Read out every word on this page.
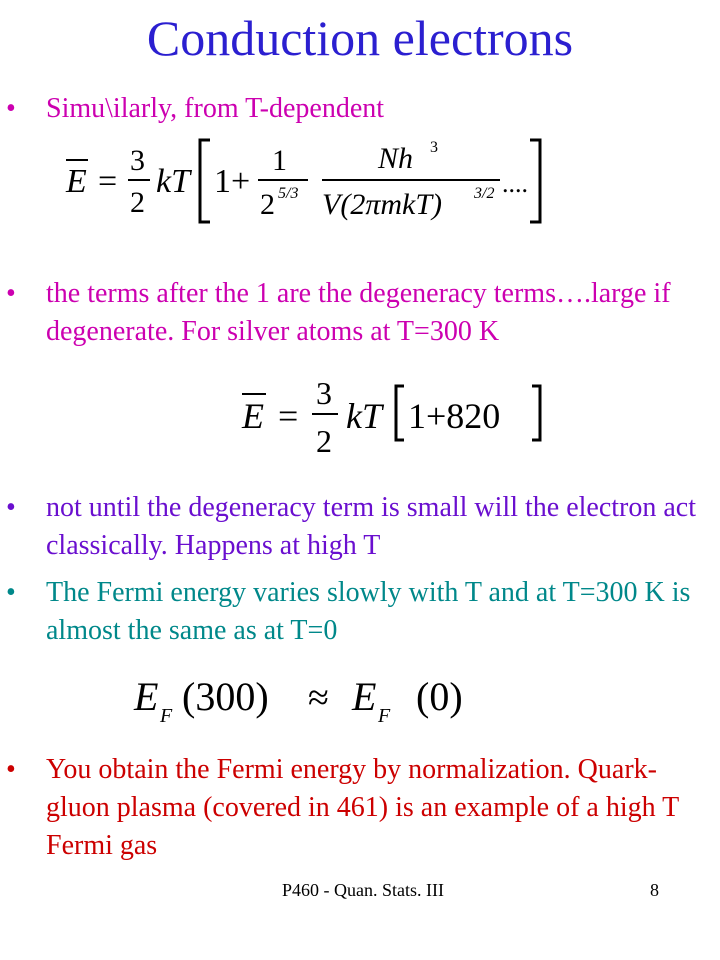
Conduction electrons
• Simu\ilarly, from T-dependent
E =
3
2
kT 1+
1
2 5/3
Nh 3
V(2πmkT) 3/2 ....
• the terms after the 1 are the degeneracy terms….large if degenerate. For silver atoms at T=300 K
E =
3
2
kT 1+820
• not until the degeneracy term is small will the electron act classically. Happens at high T
• The Fermi energy varies slowly with T and at T=300 K is almost the same as at T=0
E F (300) ≈ E F (0)
• You obtain the Fermi energy by normalization. Quark-gluon plasma (covered in 461) is an example of a high T Fermi gas
P460 - Quan. Stats. III	8
